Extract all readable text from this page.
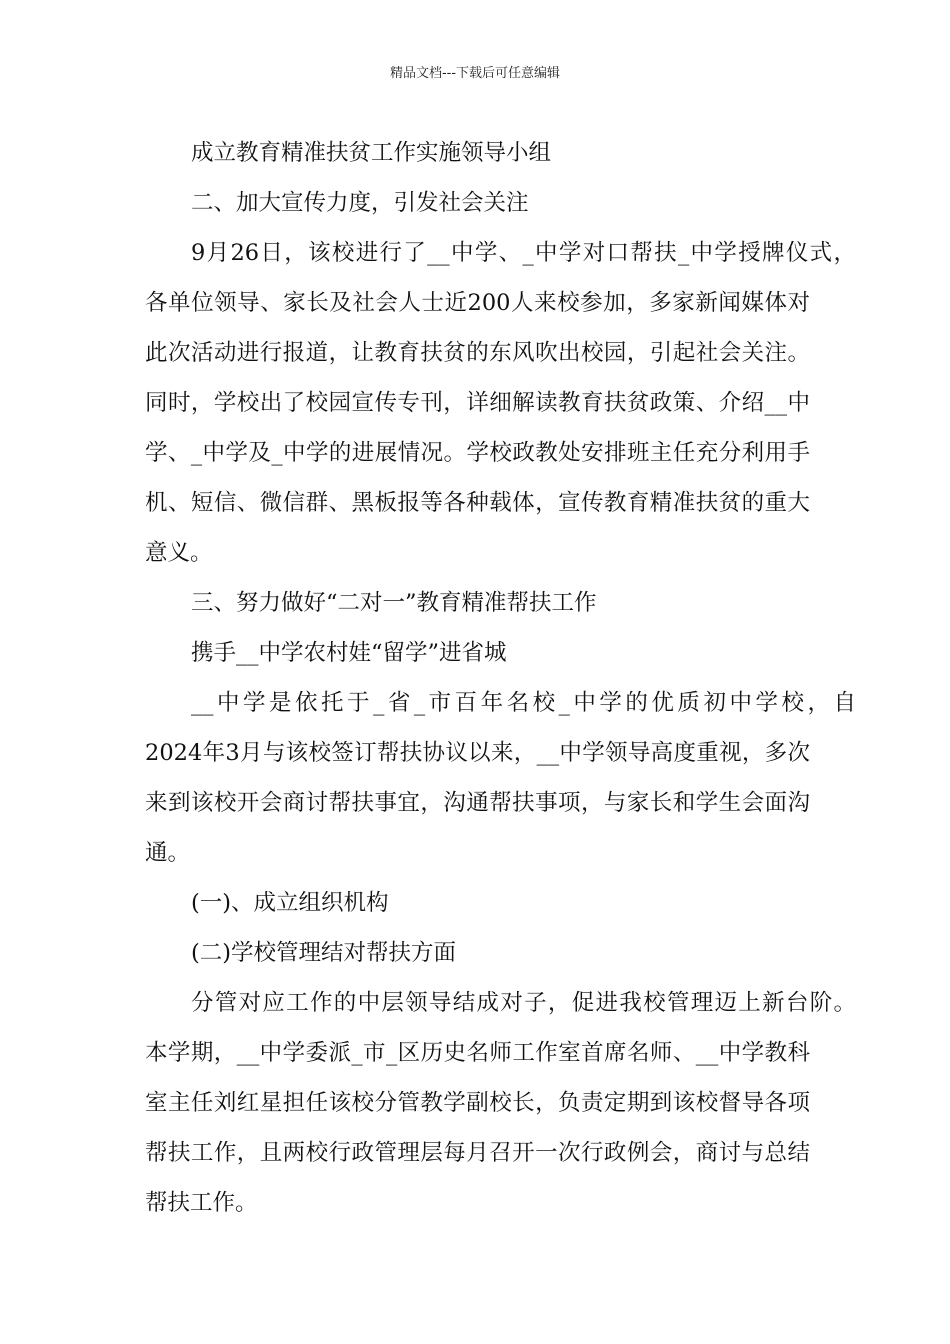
精品文档---下载后可任意编辑
成立教育精准扶贫工作实施领导小组
二、加大宣传力度，引发社会关注
9月26日，该校进行了__中学、_中学对口帮扶_中学授牌仪式，
各单位领导、家长及社会人士近200人来校参加，多家新闻媒体对
此次活动进行报道，让教育扶贫的东风吹出校园，引起社会关注。
同时，学校出了校园宣传专刊，详细解读教育扶贫政策、介绍__中
学、_中学及_中学的进展情况。学校政教处安排班主任充分利用手
机、短信、微信群、黑板报等各种载体，宣传教育精准扶贫的重大
意义。
三、努力做好“二对一”教育精准帮扶工作
携手__中学农村娃“留学”进省城
__中学是依托于_省_市百年名校_中学的优质初中学校，自
2024年3月与该校签订帮扶协议以来，__中学领导高度重视，多次
来到该校开会商讨帮扶事宜，沟通帮扶事项，与家长和学生会面沟
通。
(一)、成立组织机构
(二)学校管理结对帮扶方面
分管对应工作的中层领导结成对子，促进我校管理迈上新台阶。
本学期，__中学委派_市_区历史名师工作室首席名师、__中学教科
室主任刘红星担任该校分管教学副校长，负责定期到该校督导各项
帮扶工作，且两校行政管理层每月召开一次行政例会，商讨与总结
帮扶工作。
